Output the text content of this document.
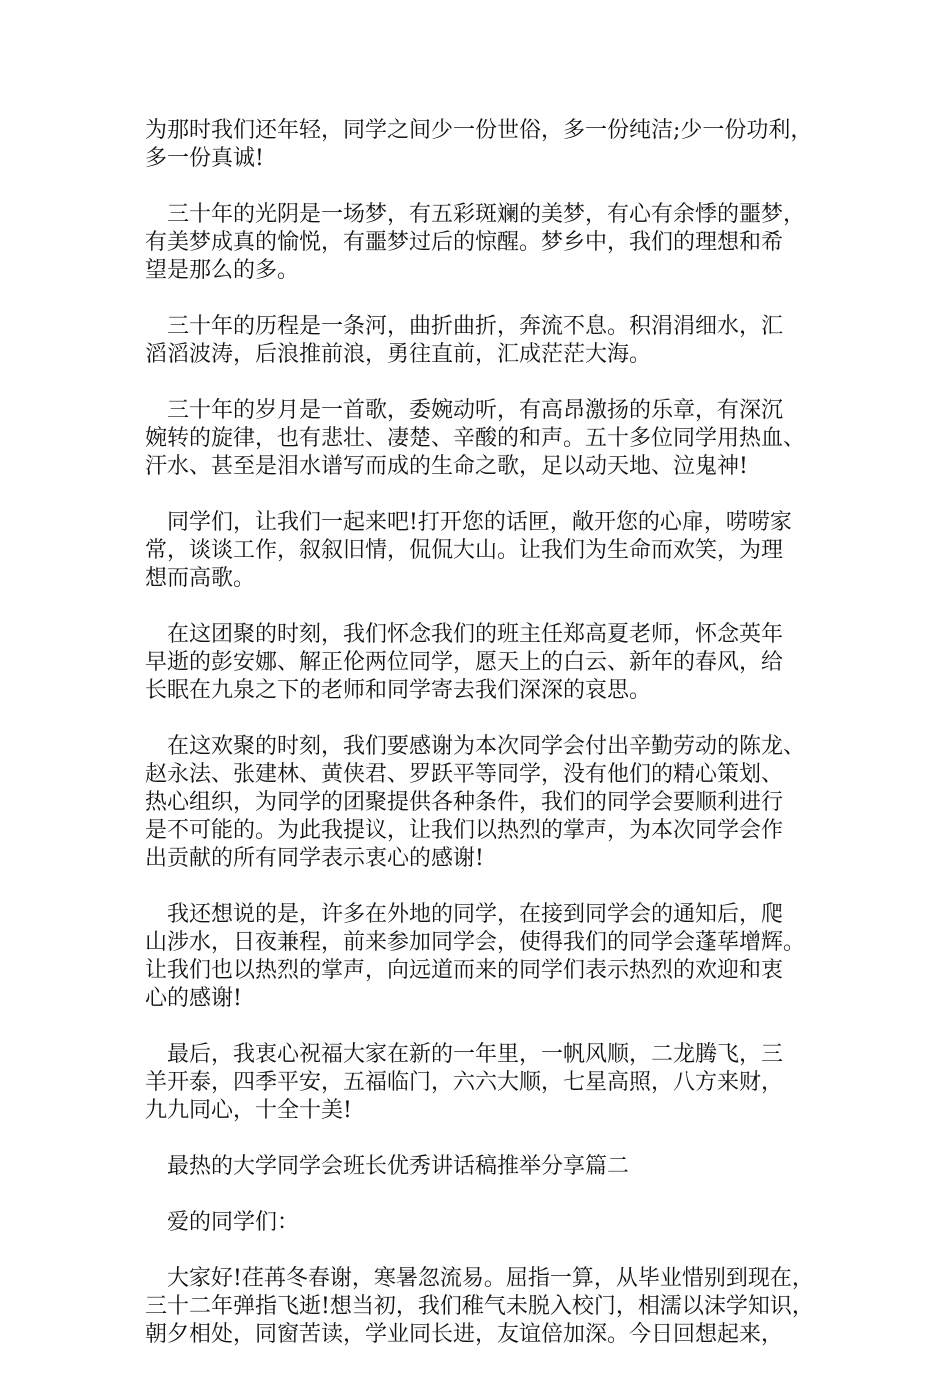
为那时我们还年轻，同学之间少一份世俗，多一份纯洁;少一份功利，
多一份真诚!

三十年的光阴是一场梦，有五彩斑斓的美梦，有心有余悸的噩梦，
有美梦成真的愉悦，有噩梦过后的惊醒。梦乡中，我们的理想和希
望是那么的多。

三十年的历程是一条河，曲折曲折，奔流不息。积涓涓细水，汇
滔滔波涛，后浪推前浪，勇往直前，汇成茫茫大海。

三十年的岁月是一首歌，委婉动听，有高昂激扬的乐章，有深沉
婉转的旋律，也有悲壮、凄楚、辛酸的和声。五十多位同学用热血、
汗水、甚至是泪水谱写而成的生命之歌，足以动天地、泣鬼神!

同学们，让我们一起来吧!打开您的话匣，敞开您的心扉，唠唠家
常，谈谈工作，叙叙旧情，侃侃大山。让我们为生命而欢笑，为理
想而高歌。

在这团聚的时刻，我们怀念我们的班主任郑高夏老师，怀念英年
早逝的彭安娜、解正伦两位同学，愿天上的白云、新年的春风，给
长眠在九泉之下的老师和同学寄去我们深深的哀思。

在这欢聚的时刻，我们要感谢为本次同学会付出辛勤劳动的陈龙、
赵永法、张建林、黄侠君、罗跃平等同学，没有他们的精心策划、
热心组织，为同学的团聚提供各种条件，我们的同学会要顺利进行
是不可能的。为此我提议，让我们以热烈的掌声，为本次同学会作
出贡献的所有同学表示衷心的感谢!

我还想说的是，许多在外地的同学，在接到同学会的通知后，爬
山涉水，日夜兼程，前来参加同学会，使得我们的同学会蓬荜增辉。
让我们也以热烈的掌声，向远道而来的同学们表示热烈的欢迎和衷
心的感谢!

最后，我衷心祝福大家在新的一年里，一帆风顺，二龙腾飞，三
羊开泰，四季平安，五福临门，六六大顺，七星高照，八方来财，
九九同心，十全十美!

最热的大学同学会班长优秀讲话稿推举分享篇二

爱的同学们：

大家好!荏苒冬春谢，寒暑忽流易。屈指一算，从毕业惜别到现在，
三十二年弹指飞逝!想当初，我们稚气未脱入校门，相濡以沫学知识，
朝夕相处，同窗苦读，学业同长进，友谊倍加深。今日回想起来，
